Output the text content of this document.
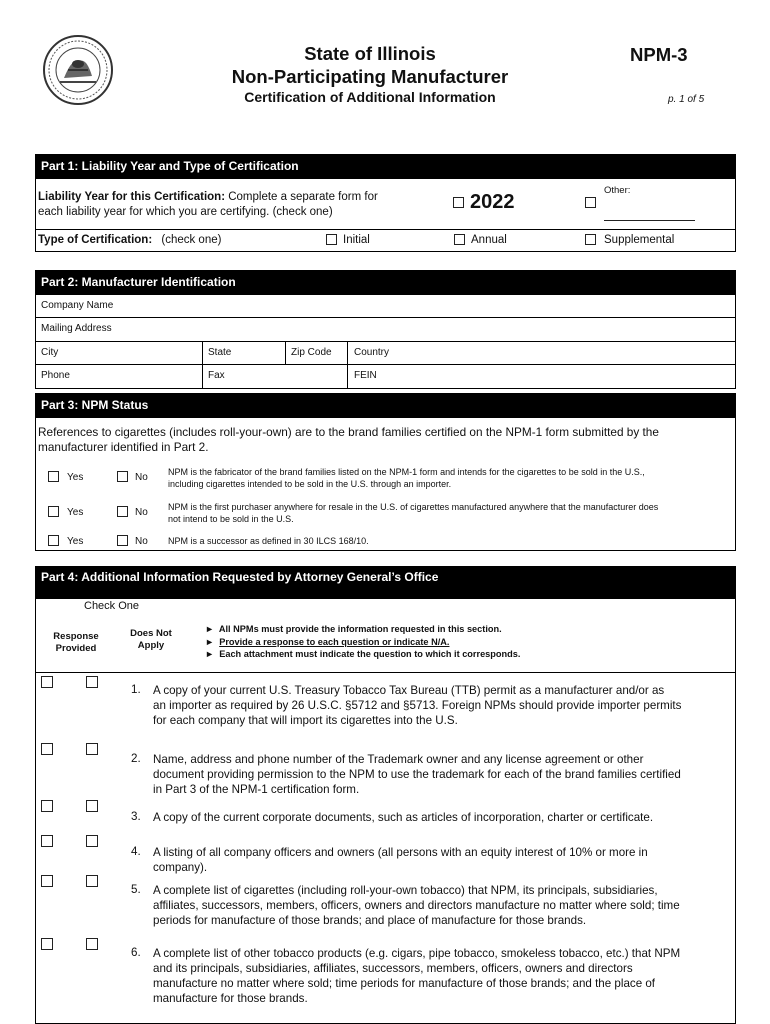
State of Illinois
Non-Participating Manufacturer
Certification of Additional Information
NPM-3
p. 1 of 5
Part 1: Liability Year and Type of Certification
Liability Year for this Certification: Complete a separate form for
each liability year for which you are certifying. (check one)	2022
Other:
Type of Certification: (check one)	Initial	Annual	Supplemental
Part 2: Manufacturer Identification
Company Name
Mailing Address
City	State	Zip Code Country
Phone	Fax	FEIN
Part 3: NPM Status
References to cigarettes (includes roll-your-own) are to the brand families certified on the NPM-1 form submitted by the
manufacturer identified in Part 2.
Yes	No NPM is the fabricator of the brand families listed on the NPM-1 form and intends for the cigarettes to be sold in the U.S.,
including cigarettes intended to be sold in the U.S. through an importer.
Yes	No NPM is the first purchaser anywhere for resale in the U.S. of cigarettes manufactured anywhere that the manufacturer does
not intend to be sold in the U.S.
Yes	No NPM is a successor as defined in 30 ILCS 168/10.
Part 4: Additional Information Requested by Attorney General’s Office
Check One
Response
Provided
Does Not
Apply
► All NPMs must provide the information requested in this section.
► Provide a response to each question or indicate N/A.
► Each attachment must indicate the question to which it corresponds.
1. A copy of your current U.S. Treasury Tobacco Tax Bureau (TTB) permit as a manufacturer and/or as
an importer as required by 26 U.S.C. §5712 and §5713. Foreign NPMs should provide importer permits
for each company that will import its cigarettes into the U.S.
2. Name, address and phone number of the Trademark owner and any license agreement or other
document providing permission to the NPM to use the trademark for each of the brand families certified
in Part 3 of the NPM-1 certification form.
3. A copy of the current corporate documents, such as articles of incorporation, charter or certificate.
4. A listing of all company officers and owners (all persons with an equity interest of 10% or more in
company).
5. A complete list of cigarettes (including roll-your-own tobacco) that NPM, its principals, subsidiaries,
affiliates, successors, members, officers, owners and directors manufacture no matter where sold; time
periods for manufacture of those brands; and place of manufacture for those brands.
6. A complete list of other tobacco products (e.g. cigars, pipe tobacco, smokeless tobacco, etc.) that NPM
and its principals, subsidiaries, affiliates, successors, members, officers, owners and directors
manufacture no matter where sold; time periods for manufacture of those brands; and the place of
manufacture for those brands.
